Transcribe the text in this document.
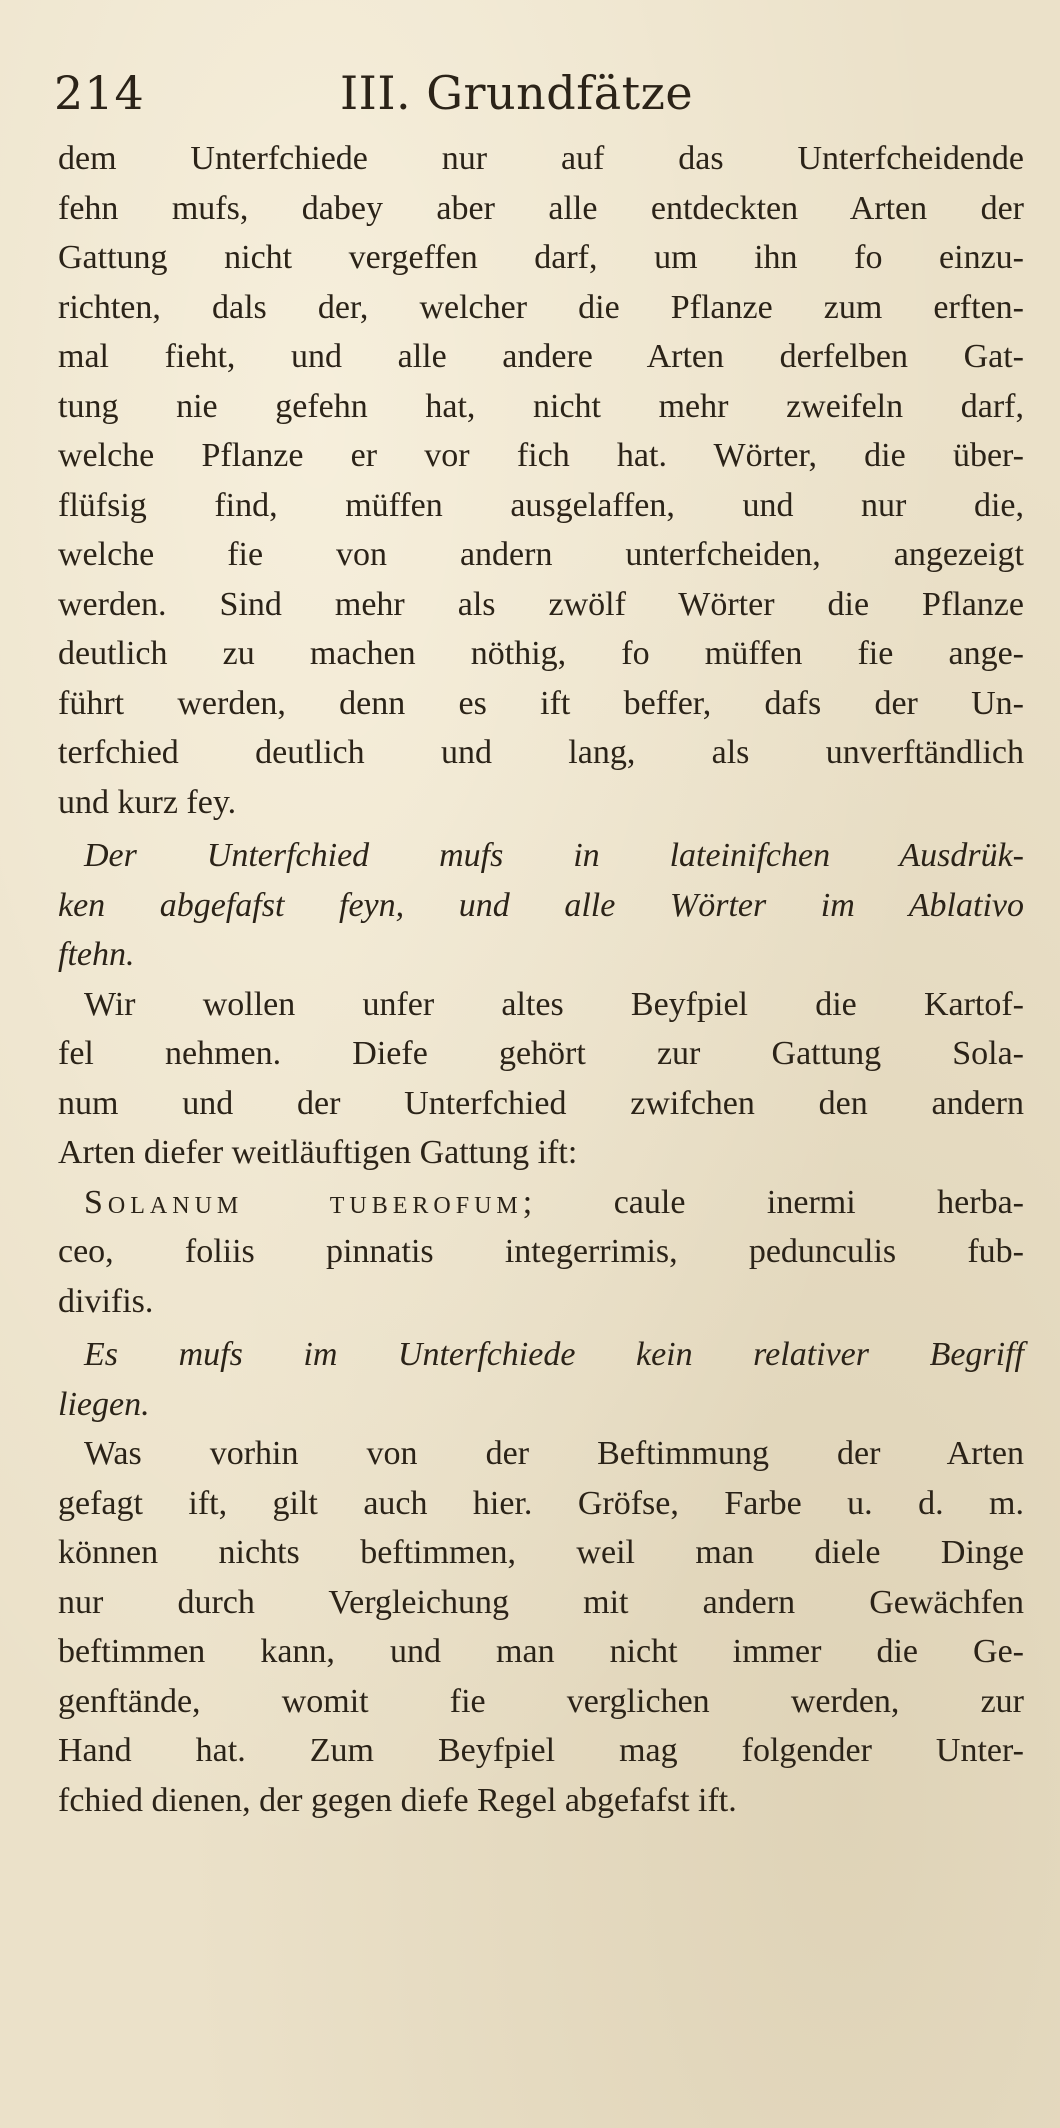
214	III. Grundfätze
dem Unterfchiede nur auf das Unterfcheidende
fehn mufs, dabey aber alle entdeckten Arten der
Gattung nicht vergeffen darf, um ihn fo einzu-
richten, dals der, welcher die Pflanze zum erften-
mal fieht, und alle andere Arten derfelben Gat-
tung nie gefehn hat, nicht mehr zweifeln darf,
welche Pflanze er vor fich hat. Wörter, die über-
flüfsig find, müffen ausgelaffen, und nur die,
welche fie von andern unterfcheiden, angezeigt
werden. Sind mehr als zwölf Wörter die Pflanze
deutlich zu machen nöthig, fo müffen fie ange-
führt werden, denn es ift beffer, dafs der Un-
terfchied deutlich und lang, als unverftändlich
und kurz fey.
Der Unterfchied mufs in lateinifchen Ausdrük-
ken abgefafst feyn, und alle Wörter im Ablativo
ftehn.
Wir wollen unfer altes Beyfpiel die Kartof-
fel nehmen. Diefe gehört zur Gattung Sola-
num und der Unterfchied zwifchen den andern
Arten diefer weitläuftigen Gattung ift:
Solanum tuberofum; caule inermi herba-
ceo, foliis pinnatis integerrimis, pedunculis fub-
divifis.
Es mufs im Unterfchiede kein relativer Begriff
liegen.
Was vorhin von der Beftimmung der Arten
gefagt ift, gilt auch hier. Gröfse, Farbe u. d. m.
können nichts beftimmen, weil man diele Dinge
nur durch Vergleichung mit andern Gewächfen
beftimmen kann, und man nicht immer die Ge-
genftände, womit fie verglichen werden, zur
Hand hat. Zum Beyfpiel mag folgender Unter-
fchied dienen, der gegen diefe Regel abgefafst ift.
